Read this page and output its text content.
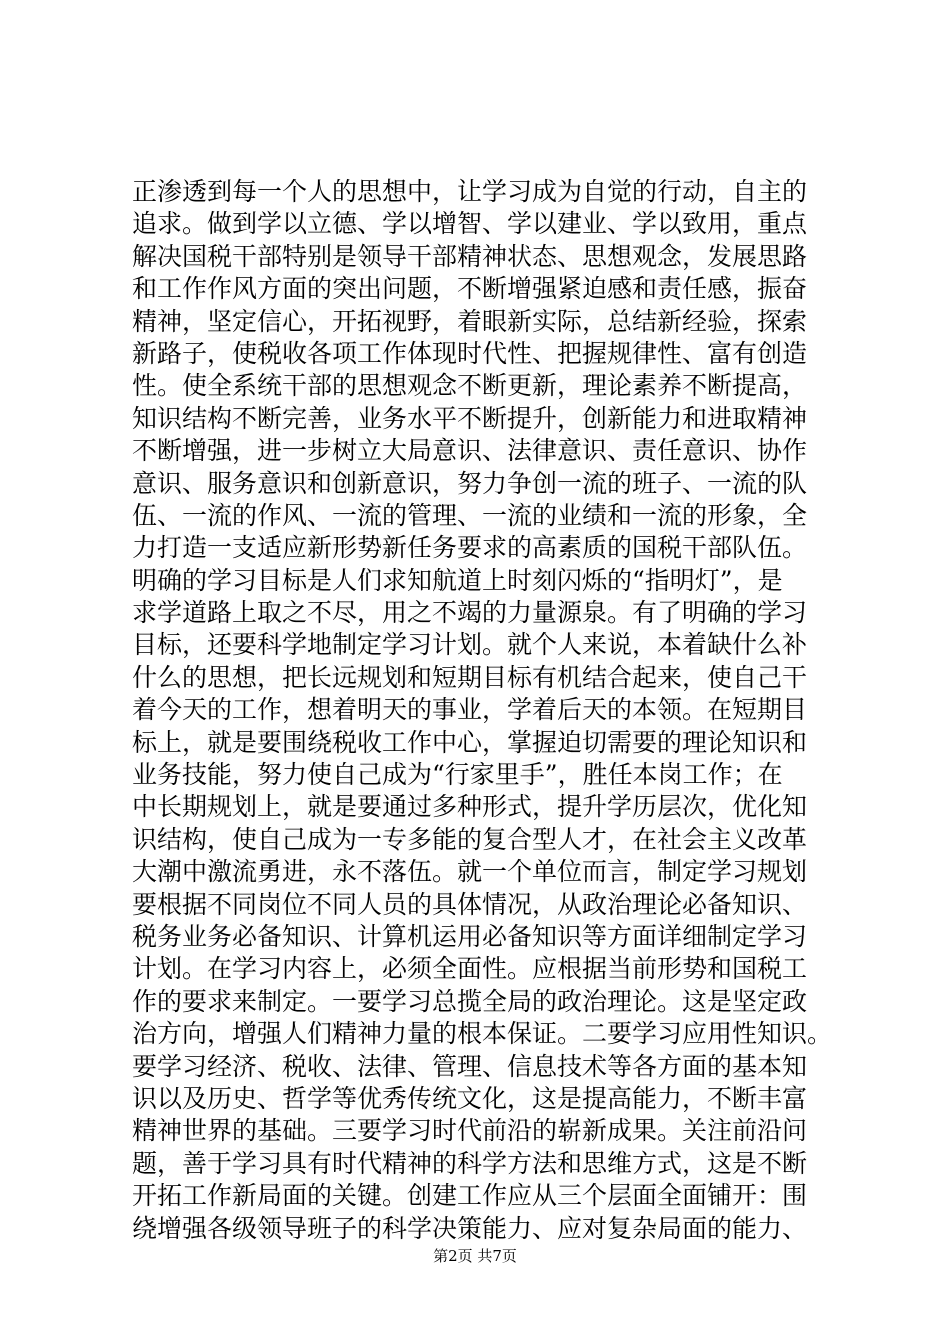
正渗透到每一个人的思想中，让学习成为自觉的行动，自主的
追求。做到学以立德、学以增智、学以建业、学以致用，重点
解决国税干部特别是领导干部精神状态、思想观念，发展思路
和工作作风方面的突出问题，不断增强紧迫感和责任感，振奋
精神，坚定信心，开拓视野，着眼新实际，总结新经验，探索
新路子，使税收各项工作体现时代性、把握规律性、富有创造
性。使全系统干部的思想观念不断更新，理论素养不断提高，
知识结构不断完善，业务水平不断提升，创新能力和进取精神
不断增强，进一步树立大局意识、法律意识、责任意识、协作
意识、服务意识和创新意识，努力争创一流的班子、一流的队
伍、一流的作风、一流的管理、一流的业绩和一流的形象，全
力打造一支适应新形势新任务要求的高素质的国税干部队伍。
明确的学习目标是人们求知航道上时刻闪烁的“指明灯”，是
求学道路上取之不尽，用之不竭的力量源泉。有了明确的学习
目标，还要科学地制定学习计划。就个人来说，本着缺什么补
什么的思想，把长远规划和短期目标有机结合起来，使自己干
着今天的工作，想着明天的事业，学着后天的本领。在短期目
标上，就是要围绕税收工作中心，掌握迫切需要的理论知识和
业务技能，努力使自己成为“行家里手”，胜任本岗工作；在
中长期规划上，就是要通过多种形式，提升学历层次，优化知
识结构，使自己成为一专多能的复合型人才，在社会主义改革
大潮中激流勇进，永不落伍。就一个单位而言，制定学习规划
要根据不同岗位不同人员的具体情况，从政治理论必备知识、
税务业务必备知识、计算机运用必备知识等方面详细制定学习
计划。在学习内容上，必须全面性。应根据当前形势和国税工
作的要求来制定。一要学习总揽全局的政治理论。这是坚定政
治方向，增强人们精神力量的根本保证。二要学习应用性知识。
要学习经济、税收、法律、管理、信息技术等各方面的基本知
识以及历史、哲学等优秀传统文化，这是提高能力，不断丰富
精神世界的基础。三要学习时代前沿的崭新成果。关注前沿问
题，善于学习具有时代精神的科学方法和思维方式，这是不断
开拓工作新局面的关键。创建工作应从三个层面全面铺开：围
绕增强各级领导班子的科学决策能力、应对复杂局面的能力、
第2页 共7页
